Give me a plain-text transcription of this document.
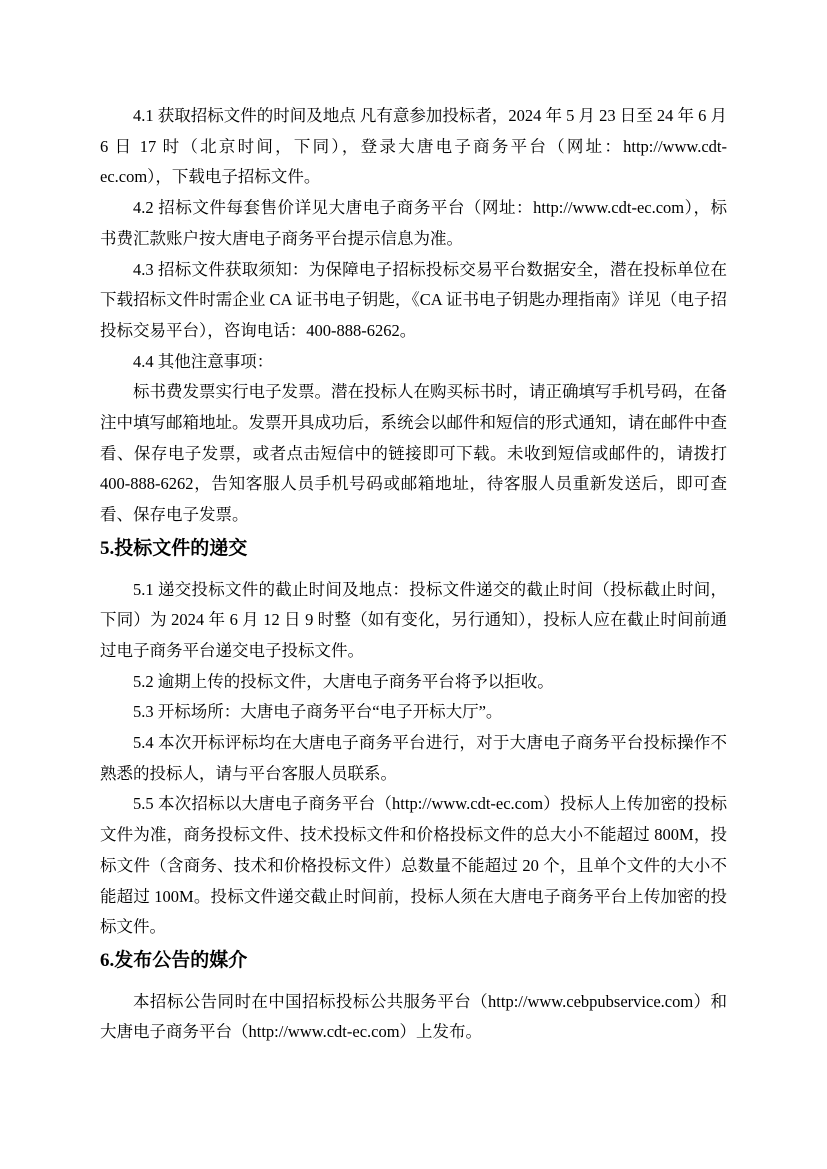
4.1 获取招标文件的时间及地点 凡有意参加投标者，2024 年 5 月 23 日至 24 年 6 月 6 日 17 时（北京时间，下同），登录大唐电子商务平台（网址：http://www.cdt-ec.com），下载电子招标文件。

4.2 招标文件每套售价详见大唐电子商务平台（网址：http://www.cdt-ec.com），标书费汇款账户按大唐电子商务平台提示信息为准。

4.3 招标文件获取须知：为保障电子招标投标交易平台数据安全，潜在投标单位在下载招标文件时需企业 CA 证书电子钥匙，《CA 证书电子钥匙办理指南》详见（电子招投标交易平台），咨询电话：400-888-6262。

4.4 其他注意事项：

标书费发票实行电子发票。潜在投标人在购买标书时，请正确填写手机号码，在备注中填写邮箱地址。发票开具成功后，系统会以邮件和短信的形式通知，请在邮件中查看、保存电子发票，或者点击短信中的链接即可下载。未收到短信或邮件的，请拨打 400-888-6262，告知客服人员手机号码或邮箱地址，待客服人员重新发送后，即可查看、保存电子发票。

5.投标文件的递交

5.1 递交投标文件的截止时间及地点：投标文件递交的截止时间（投标截止时间，下同）为 2024 年 6 月 12 日 9 时整（如有变化，另行通知），投标人应在截止时间前通过电子商务平台递交电子投标文件。

5.2 逾期上传的投标文件，大唐电子商务平台将予以拒收。

5.3 开标场所：大唐电子商务平台“电子开标大厅”。

5.4 本次开标评标均在大唐电子商务平台进行，对于大唐电子商务平台投标操作不熟悉的投标人，请与平台客服人员联系。

5.5 本次招标以大唐电子商务平台（http://www.cdt-ec.com）投标人上传加密的投标文件为准，商务投标文件、技术投标文件和价格投标文件的总大小不能超过 800M，投标文件（含商务、技术和价格投标文件）总数量不能超过 20 个，且单个文件的大小不能超过 100M。投标文件递交截止时间前，投标人须在大唐电子商务平台上传加密的投标文件。

6.发布公告的媒介

本招标公告同时在中国招标投标公共服务平台（http://www.cebpubservice.com）和大唐电子商务平台（http://www.cdt-ec.com）上发布。
